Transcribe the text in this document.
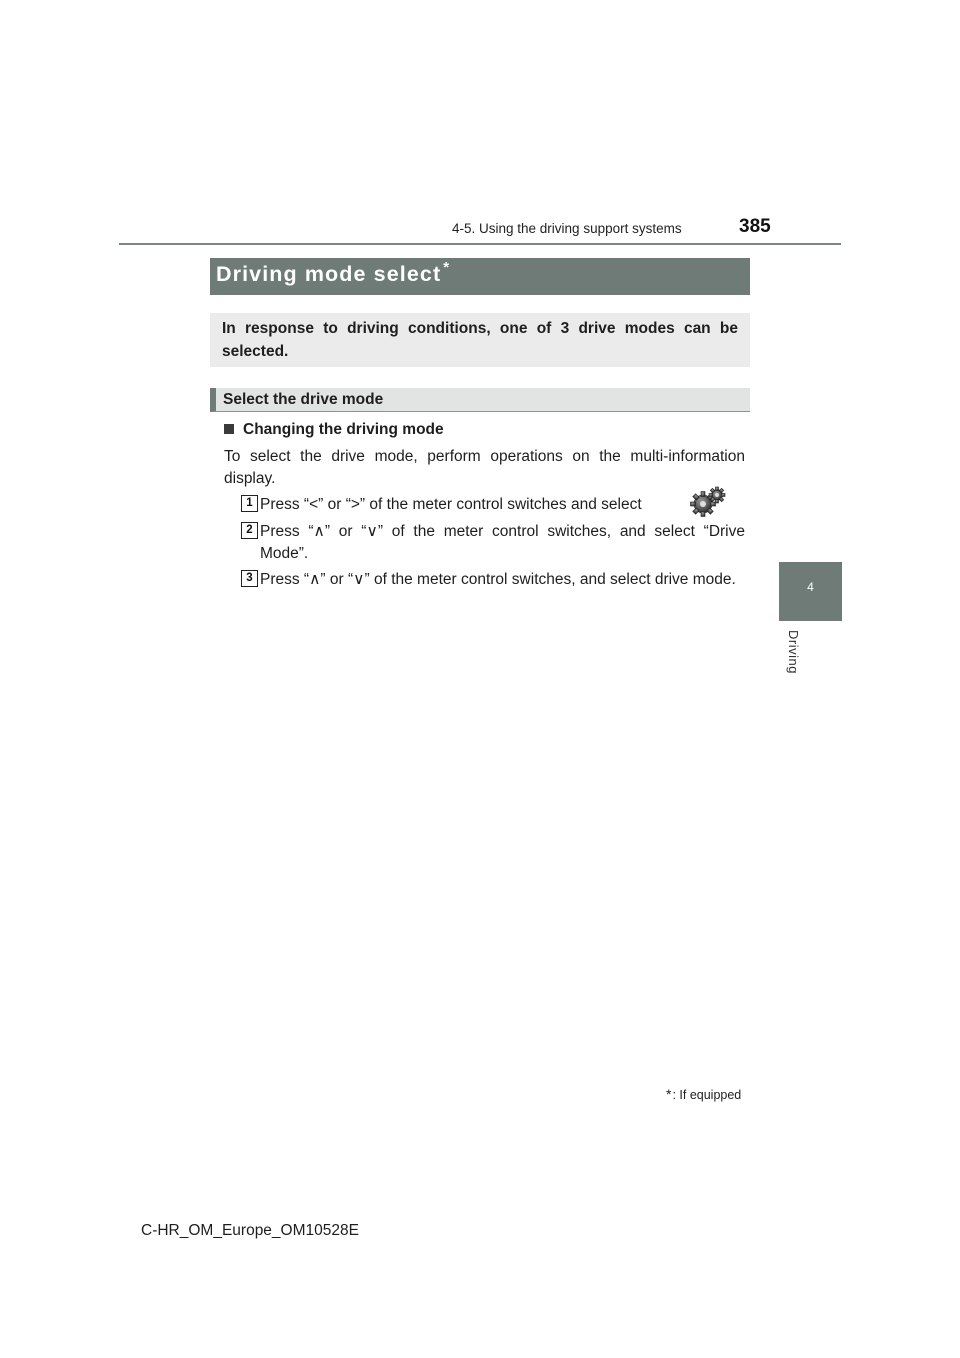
4-5. Using the driving support systems	385
4
Driving
Driving mode select *
In response to driving conditions, one of 3 drive modes can be selected.
Select the drive mode
Changing the driving mode
To select the drive mode, perform operations on the multi-information display.
1 Press “<” or “>” of the meter control switches and select
2 Press “∧” or “∨” of the meter control switches, and select “Drive Mode”.
3 Press “∧” or “∨” of the meter control switches, and select drive mode.
*: If equipped
C-HR_OM_Europe_OM10528E
